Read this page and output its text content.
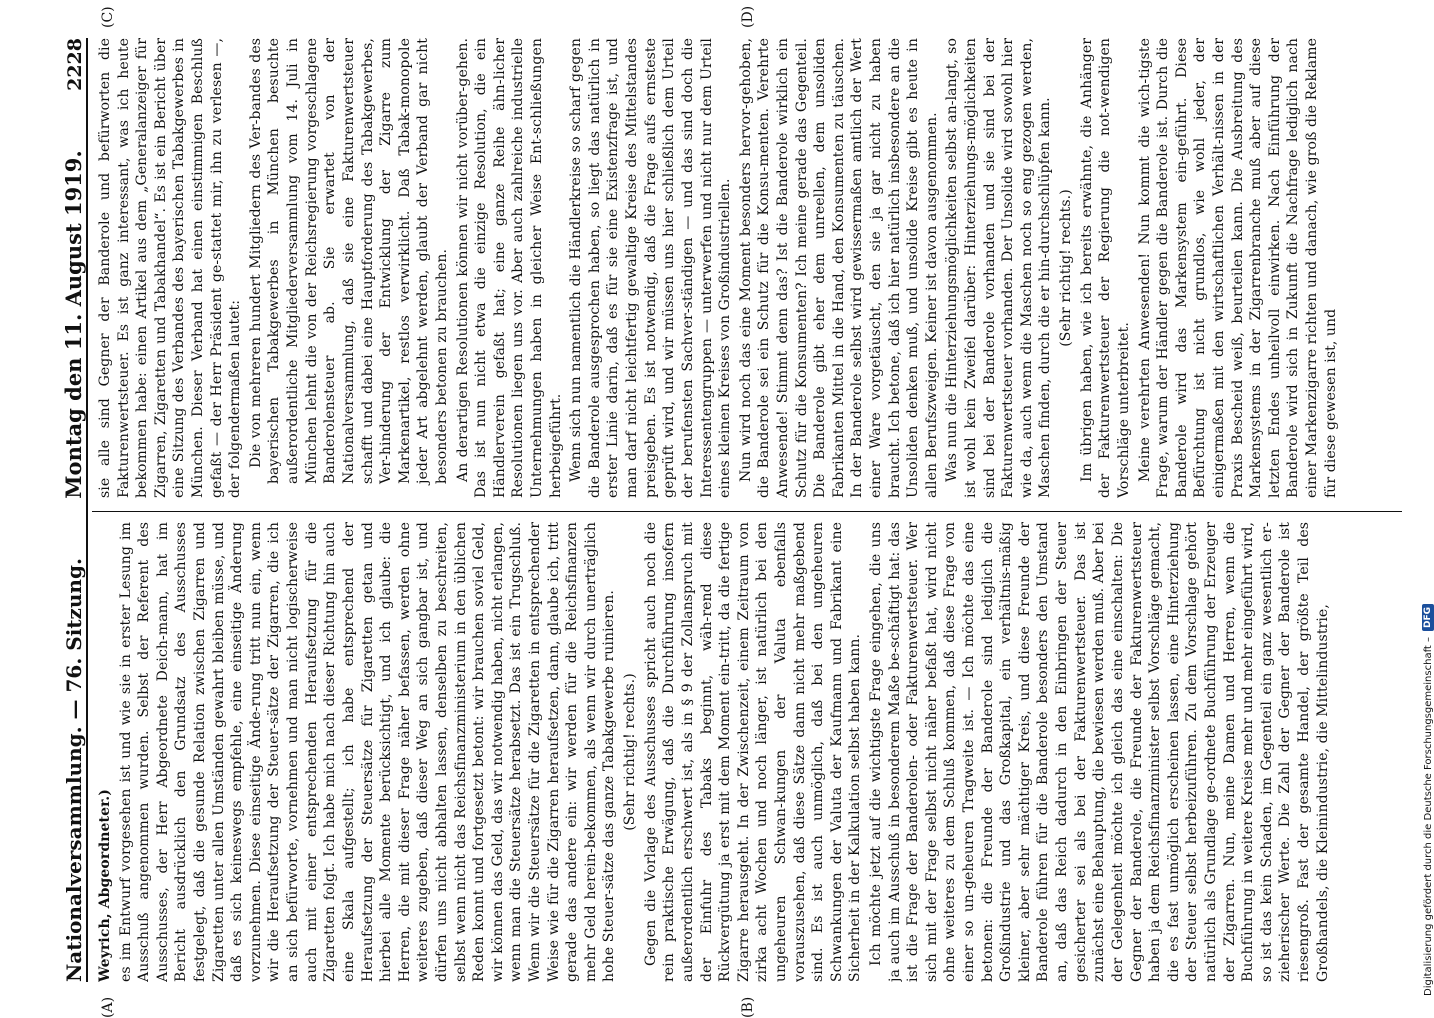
Nationalversammlung. — 76. Sitzung.
Montag den 11. August 1919.
2228
(A)	(B)
(C)	(D)

Weyrich, Abgeordneter.) es im Entwurf vorgesehen ist und wie sie in erster Lesung im Ausschuß angenommen wurden. Selbst der Referent des Ausschusses, der Herr Abgeordnete Deich-mann, hat im Bericht ausdrücklich den Grundsatz des Ausschusses festgelegt, daß die gesunde Relation zwischen Zigarren und Zigaretten unter allen Umständen gewahrt bleiben müsse, und daß es sich keineswegs empfehle, eine einseitige Änderung vorzunehmen. Diese einseitige Ände-rung tritt nun ein, wenn wir die Heraufsetzung der Steuer-sätze der Zigarren, die ich an sich befürworte, vornehmen und man nicht logischerweise auch mit einer entsprechenden Heraufsetzung für die Zigaretten folgt. Ich habe mich nach dieser Richtung hin auch eine Skala aufgestellt; ich habe entsprechend der Heraufsetzung der Steuersätze für Zigaretten getan und hierbei alle Momente berücksichtigt, und ich glaube: die Herren, die mit dieser Frage näher befassen, werden ohne weiteres zugeben, daß dieser Weg an sich gangbar ist, und dürfen uns nicht abhalten lassen, denselben zu beschreiten, selbst wenn nicht das Reichsfinanzministerium in den üblichen Reden konnt und fortgesetzt betont: wir brauchen soviel Geld, wir können das Geld, das wir notwendig haben, nicht erlangen, wenn man die Steuersätze herabsetzt. Das ist ein Trugschluß. Wenn wir die Steuersätze für die Zigaretten in entsprechender Weise wie für die Zigarren heraufsetzen, dann, glaube ich, tritt gerade das andere ein: wir werden für die Reichsfinanzen mehr Geld herein-bekommen, als wenn wir durch unerträglich hohe Steuer-sätze das ganze Tabakgewerbe ruinieren. (Sehr richtig! rechts.) Gegen die Vorlage des Ausschusses spricht auch noch die rein praktische Erwägung, daß die Durchführung insofern außerordentlich erschwert ist, als in § 9 der Zollanspruch mit der Einfuhr des Tabaks beginnt, wäh-rend diese Rückvergütung ja erst mit dem Moment ein-tritt, da die fertige Zigarre herausgeht. In der Zwischenzeit, einem Zeitraum von zirka acht Wochen und noch länger, ist natürlich bei den ungeheuren Schwan-kungen der Valuta ebenfalls vorauszusehen, daß diese Sätze dann nicht mehr maßgebend sind. Es ist auch unmöglich, daß bei den ungeheuren Schwankungen der Valuta der Kaufmann und Fabrikant eine Sicherheit in der Kalkulation selbst haben kann. Ich möchte jetzt auf die wichtigste Frage eingehen, die uns ja auch im Ausschuß in besonderem Maße be-schäftigt hat: das ist die Frage der Banderolen- oder Fakturenwertsteuer. Wer sich mit der Frage selbst nicht näher befaßt hat, wird nicht ohne weiteres zu dem Schluß kommen, daß diese Frage von einer so un-geheuren Tragweite ist. — Ich möchte das eine betonen: die Freunde der Banderole sind lediglich die Großindustrie und das Großkapital, ein verhältnis-mäßig kleiner, aber sehr mächtiger Kreis, und diese Freunde der Banderole führen für die Banderole besonders den Umstand an, daß das Reich dadurch in den Einbringen der Steuer gesicherter sei als bei der Fakturenwertsteuer. Das ist zunächst eine Behauptung, die bewiesen werden muß. Aber bei der Gelegenheit möchte ich gleich das eine einschalten: Die Gegner der Banderole, die Freunde der Fakturenwertsteuer haben ja dem Reichsfinanzminister selbst Vorschläge gemacht, die es fast unmöglich erscheinen lassen, eine Hinterziehung der Steuer selbst herbeizuführen. Zu dem Vorschlage gehört natürlich als Grundlage ge-ordnete Buchführung der Erzeuger der Zigarren. Nun, meine Damen und Herren, wenn die Buchführung in weitere Kreise mehr und mehr eingeführt wird, so ist das kein Schaden, im Gegenteil ein ganz wesentlich er-zieherischer Werte. Die Zahl der Gegner der Banderole ist riesengroß. Fast der gesamte Handel, der größte Teil des Großhandels, die Kleinindustrie, die Mittelindustrie,

sie alle sind Gegner der Banderole und befürworten die Fakturenwertsteuer. Es ist ganz interessant, was ich heute bekommen habe: einen Artikel aus dem „Generalanzeiger für Zigarren, Zigaretten und Tabakhandel“. Es ist ein Bericht über eine Sitzung des Verbandes des bayerischen Tabakgewerbes in München. Dieser Verband hat einen einstimmigen Beschluß gefaßt — der Herr Präsident ge-stattet mir, ihn zu verlesen —, der folgendermaßen lautet: Die von mehreren hundert Mitgliedern des Ver-bandes des bayerischen Tabakgewerbes in München besuchte außerordentliche Mitgliederversammlung vom 14. Juli in München lehnt die von der Reichsregierung vorgeschlagene Banderolensteuer ab. Sie erwartet von der Nationalversammlung, daß sie eine Fakturenwertsteuer schafft und dabei eine Hauptforderung des Tabakgewerbes, Ver-hinderung der Entwicklung der Zigarre zum Markenartikel, restlos verwirklicht. Daß Tabak-monopole jeder Art abgelehnt werden, glaubt der Verband gar nicht besonders betonen zu brauchen. An derartigen Resolutionen können wir nicht vorüber-gehen. Das ist nun nicht etwa die einzige Resolution, die ein Händlerverein gefaßt hat; eine ganze Reihe ähn-licher Resolutionen liegen uns vor. Aber auch zahlreiche industrielle Unternehmungen haben in gleicher Weise Ent-schließungen herbeigeführt. Wenn sich nun namentlich die Händlerkreise so scharf gegen die Banderole ausgesprochen haben, so liegt das natürlich in erster Linie darin, daß es für sie eine Existenzfrage ist, und man darf nicht leichtfertig gewaltige Kreise des Mittelstandes preisgeben. Es ist notwendig, daß die Frage aufs ernsteste geprüft wird, und wir müssen uns hier schließlich dem Urteil der berufensten Sachver-ständigen — und das sind doch die Interessentengruppen — unterwerfen und nicht nur dem Urteil eines kleinen Kreises von Großindustriellen. Nun wird noch das eine Moment besonders hervor-gehoben, die Banderole sei ein Schutz für die Konsu-menten. Verehrte Anwesende! Stimmt denn das? Ist die Banderole wirklich ein Schutz für die Konsumenten? Ich meine gerade das Gegenteil. Die Banderole gibt eher dem unreellen, dem unsoliden Fabrikanten Mittel in die Hand, den Konsumenten zu täuschen. In der Banderole selbst wird gewissermaßen amtlich der Wert einer Ware vorgetäuscht, den sie ja gar nicht zu haben braucht. Ich betone, daß ich hier natürlich insbesondere an die Unsoliden denken muß, und unsolide Kreise gibt es heute in allen Berufszweigen. Keiner ist davon ausgenommen. Was nun die Hinterziehungsmöglichkeiten selbst an-langt, so ist wohl kein Zweifel darüber: Hinterziehungs-möglichkeiten sind bei der Banderole vorhanden und sie sind bei der Fakturenwertsteuer vorhanden. Der Unsolide wird sowohl hier wie da, auch wenn die Maschen noch so eng gezogen werden, Maschen finden, durch die er hin-durchschlüpfen kann. (Sehr richtig! rechts.) Im übrigen haben, wie ich bereits erwähnte, die Anhänger der Fakturenwertsteuer der Regierung die not-wendigen Vorschläge unterbreitet. Meine verehrten Anwesenden! Nun kommt die wich-tigste Frage, warum der Händler gegen die Banderole ist. Durch die Banderole wird das Markensystem ein-geführt. Diese Befürchtung ist nicht grundlos, wie wohl jeder, der einigermaßen mit den wirtschaftlichen Verhält-nissen in der Praxis Bescheid weiß, beurteilen kann. Die Ausbreitung des Markensystems in der Zigarrenbranche muß aber auf diese letzten Endes unheilvoll einwirken. Nach Einführung der Banderole wird sich in Zukunft die Nachfrage lediglich nach einer Markenzigarre richten und danach, wie groß die Reklame für diese gewesen ist, und

Digitalisierung gefördert durch die Deutsche Forschungsgemeinschaft –
DFG
